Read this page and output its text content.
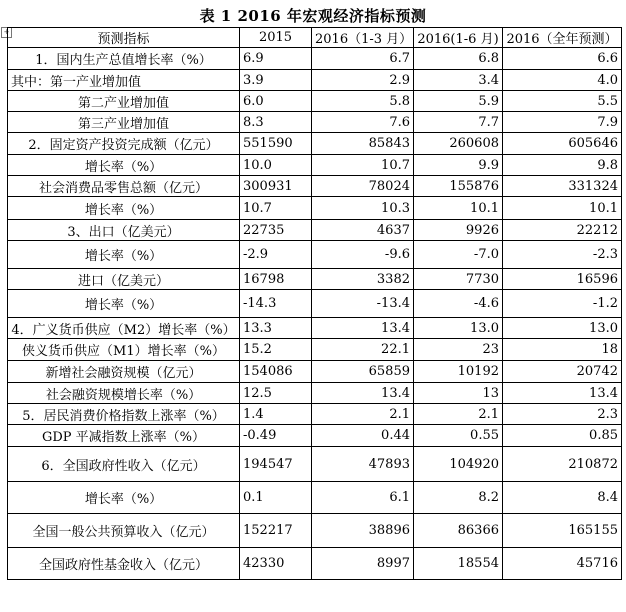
表 1 2016 年宏观经济指标预测
+	预测指标	2015	2016（1-3 月）	2016(1-6 月)	2016（全年预测）
1．国内生产总值增长率（%）	6.9	6.7	6.8	6.6
其中：第一产业增加值	3.9	2.9	3.4	4.0
第二产业增加值	6.0	5.8	5.9	5.5
第三产业增加值	8.3	7.6	7.7	7.9
2．固定资产投资完成额（亿元）	551590	85843	260608	605646
增长率（%）	10.0	10.7	9.9	9.8
社会消费品零售总额（亿元）	300931	78024	155876	331324
增长率（%）	10.7	10.3	10.1	10.1
3、出口（亿美元）	22735	4637	9926	22212
增长率（%）	-2.9	-9.6	-7.0	-2.3
进口（亿美元）	16798	3382	7730	16596
增长率（%）	-14.3	-13.4	-4.6	-1.2
4．广义货币供应（M2）增长率（%）	13.3	13.4	13.0	13.0
侠义货币供应（M1）增长率（%）	15.2	22.1	23	18
新增社会融资规模（亿元）	154086	65859	10192	20742
社会融资规模增长率（%）	12.5	13.4	13	13.4
5．居民消费价格指数上涨率（%）	1.4	2.1	2.1	2.3
GDP 平减指数上涨率（%）	-0.49	0.44	0.55	0.85
6．全国政府性收入（亿元）	194547	47893	104920	210872
增长率（%）	0.1	6.1	8.2	8.4
全国一般公共预算收入（亿元）	152217	38896	86366	165155
全国政府性基金收入（亿元）	42330	8997	18554	45716
